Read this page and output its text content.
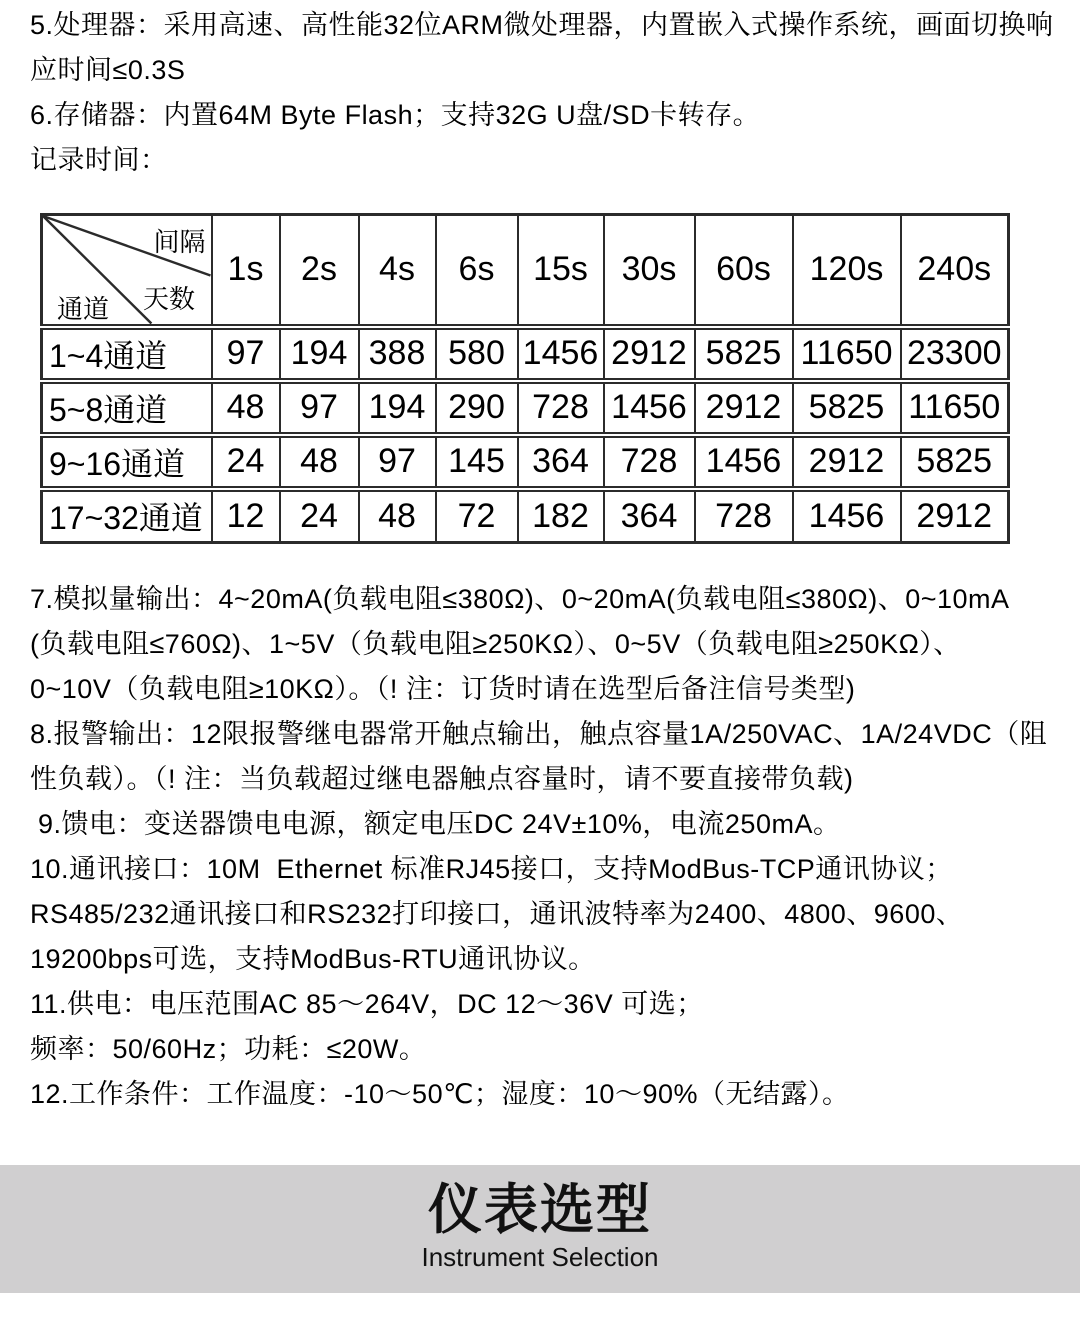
5.处理器：采用高速、高性能32位ARM微处理器，内置嵌入式操作系统，画面切换响
应时间≤0.3S
6.存储器：内置64M Byte Flash；支持32G U盘/SD卡转存。
记录时间：
间隔
天数
通道	1s	2s	4s	6s	15s	30s	60s	120s	240s
1~4通道	97	194	388	580	1456	2912	5825	11650	23300
5~8通道	48	97	194	290	728	1456	2912	5825	11650
9~16通道	24	48	97	145	364	728	1456	2912	5825
17~32通道	12	24	48	72	182	364	728	1456	2912
7.模拟量输出：4~20mA(负载电阻≤380Ω)、0~20mA(负载电阻≤380Ω)、0~10mA
(负载电阻≤760Ω)、1~5V（负载电阻≥250KΩ）、0~5V（负载电阻≥250KΩ）、
0~10V（负载电阻≥10KΩ）。（! 注：订货时请在选型后备注信号类型)
8.报警输出：12限报警继电器常开触点输出，触点容量1A/250VAC、1A/24VDC（阻
性负载）。（! 注：当负载超过继电器触点容量时，请不要直接带负载)
9.馈电：变送器馈电电源，额定电压DC 24V±10%，电流250mA。
10.通讯接口：10M  Ethernet 标准RJ45接口，支持ModBus-TCP通讯协议；
RS485/232通讯接口和RS232打印接口，通讯波特率为2400、4800、9600、
19200bps可选，支持ModBus-RTU通讯协议。
11.供电：电压范围AC 85～264V，DC 12～36V 可选；
频率：50/60Hz；功耗：≤20W。
12.工作条件：工作温度：-10～50℃；湿度：10～90%（无结露）。
仪表选型
Instrument Selection
